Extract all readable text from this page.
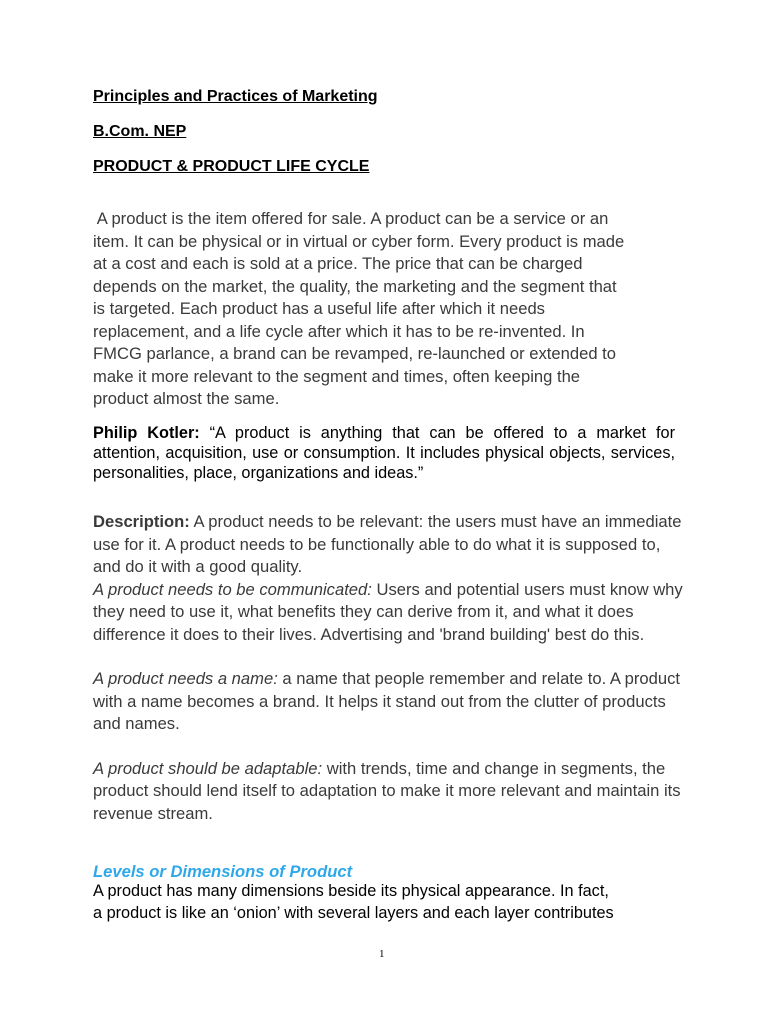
Principles and Practices of Marketing
B.Com. NEP
PRODUCT & PRODUCT LIFE CYCLE
A product is the item offered for sale. A product can be a service or an
item. It can be physical or in virtual or cyber form. Every product is made
at a cost and each is sold at a price. The price that can be charged
depends on the market, the quality, the marketing and the segment that
is targeted. Each product has a useful life after which it needs
replacement, and a life cycle after which it has to be re-invented. In
FMCG parlance, a brand can be revamped, re-launched or extended to
make it more relevant to the segment and times, often keeping the
product almost the same.
Philip Kotler: “A product is anything that can be offered to a market for attention, acquisition, use or consumption. It includes physical objects, services, personalities, place, organizations and ideas.”

Description: A product needs to be relevant: the users must have an immediate use for it. A product needs to be functionally able to do what it is supposed to, and do it with a good quality.

A product needs to be communicated: Users and potential users must know why they need to use it, what benefits they can derive from it, and what it does difference it does to their lives. Advertising and 'brand building' best do this.

A product needs a name: a name that people remember and relate to. A product with a name becomes a brand. It helps it stand out from the clutter of products and names.

A product should be adaptable: with trends, time and change in segments, the product should lend itself to adaptation to make it more relevant and maintain its revenue stream.

Levels or Dimensions of Product
A product has many dimensions beside its physical appearance. In fact,
a product is like an ‘onion’ with several layers and each layer contributes
1
